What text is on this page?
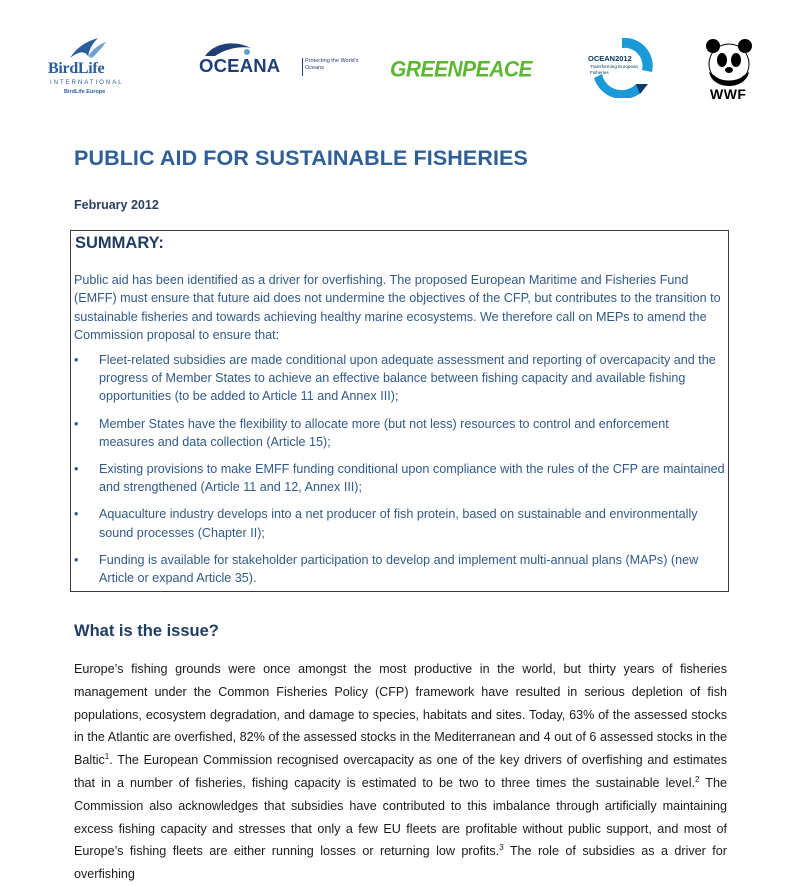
BirdLife
INTERNATIONAL
BirdLife Europe
OCEANA	Protecting the World's Oceans	GREENPEACE	OCEAN2012
Transforming European Fisheries
WWF
PUBLIC AID FOR SUSTAINABLE FISHERIES
February 2012
SUMMARY:
Public aid has been identified as a driver for overfishing. The proposed European Maritime and Fisheries Fund (EMFF) must ensure that future aid does not undermine the objectives of the CFP, but contributes to the transition to sustainable fisheries and towards achieving healthy marine ecosystems. We therefore call on MEPs to amend the Commission proposal to ensure that:
• Fleet-related subsidies are made conditional upon adequate assessment and reporting of overcapacity and the progress of Member States to achieve an effective balance between fishing capacity and available fishing opportunities (to be added to Article 11 and Annex III);
• Member States have the flexibility to allocate more (but not less) resources to control and enforcement measures and data collection (Article 15);
• Existing provisions to make EMFF funding conditional upon compliance with the rules of the CFP are maintained and strengthened (Article 11 and 12, Annex III);
• Aquaculture industry develops into a net producer of fish protein, based on sustainable and environmentally sound processes (Chapter II);
• Funding is available for stakeholder participation to develop and implement multi-annual plans (MAPs) (new Article or expand Article 35).
What is the issue?

Europe’s fishing grounds were once amongst the most productive in the world, but thirty years of fisheries management under the Common Fisheries Policy (CFP) framework have resulted in serious depletion of fish populations, ecosystem degradation, and damage to species, habitats and sites. Today, 63% of the assessed stocks in the Atlantic are overfished, 82% of the assessed stocks in the Mediterranean and 4 out of 6 assessed stocks in the Baltic$^1$. The European Commission recognised overcapacity as one of the key drivers of overfishing and estimates that in a number of fisheries, fishing capacity is estimated to be two to three times the sustainable level.$^2$ The Commission also acknowledges that subsidies have contributed to this imbalance through artificially maintaining excess fishing capacity and stresses that only a few EU fleets are profitable without public support, and most of Europe’s fishing fleets are either running losses or returning low profits.$^3$ The role of subsidies as a driver for overfishing
